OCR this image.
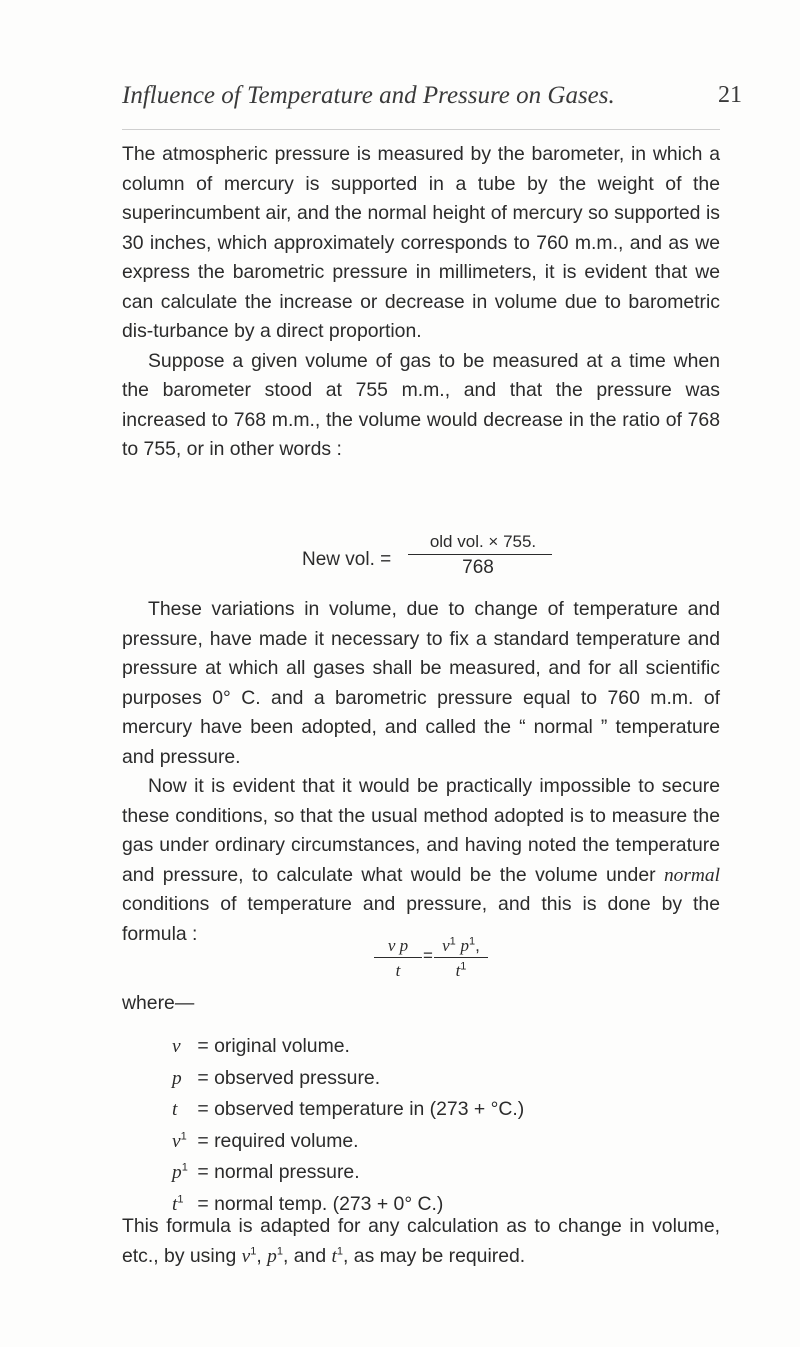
Influence of Temperature and Pressure on Gases.	21

The atmospheric pressure is measured by the barometer, in which a column of mercury is supported in a tube by the weight of the superincumbent air, and the normal height of mercury so supported is 30 inches, which approximately corresponds to 760 m.m., and as we express the barometric pressure in millimeters, it is evident that we can calculate the increase or decrease in volume due to barometric dis-turbance by a direct proportion.

Suppose a given volume of gas to be measured at a time when the barometer stood at 755 m.m., and that the pressure was increased to 768 m.m., the volume would decrease in the ratio of 768 to 755, or in other words :

New vol. =
old vol. × 755.
768

These variations in volume, due to change of temperature and pressure, have made it necessary to fix a standard temperature and pressure at which all gases shall be measured, and for all scientific purposes 0° C. and a barometric pressure equal to 760 m.m. of mercury have been adopted, and called the “ normal ” temperature and pressure.

Now it is evident that it would be practically impossible to secure these conditions, so that the usual method adopted is to measure the gas under ordinary circumstances, and having noted the temperature and pressure, to calculate what would be the volume under normal conditions of temperature and pressure, and this is done by the formula :

v p
t
=
$v^1$ $p^1$,
$t^1$
where—
v = original volume.
p = observed pressure.
t = observed temperature in (273 + °C.)
$v^1$ = required volume.
$p^1$ = normal pressure.
$t^1$ = normal temp. (273 + 0° C.)
This formula is adapted for any calculation as to change in volume, etc., by using $v^1$, $p^1$, and $t^1$, as may be required.
